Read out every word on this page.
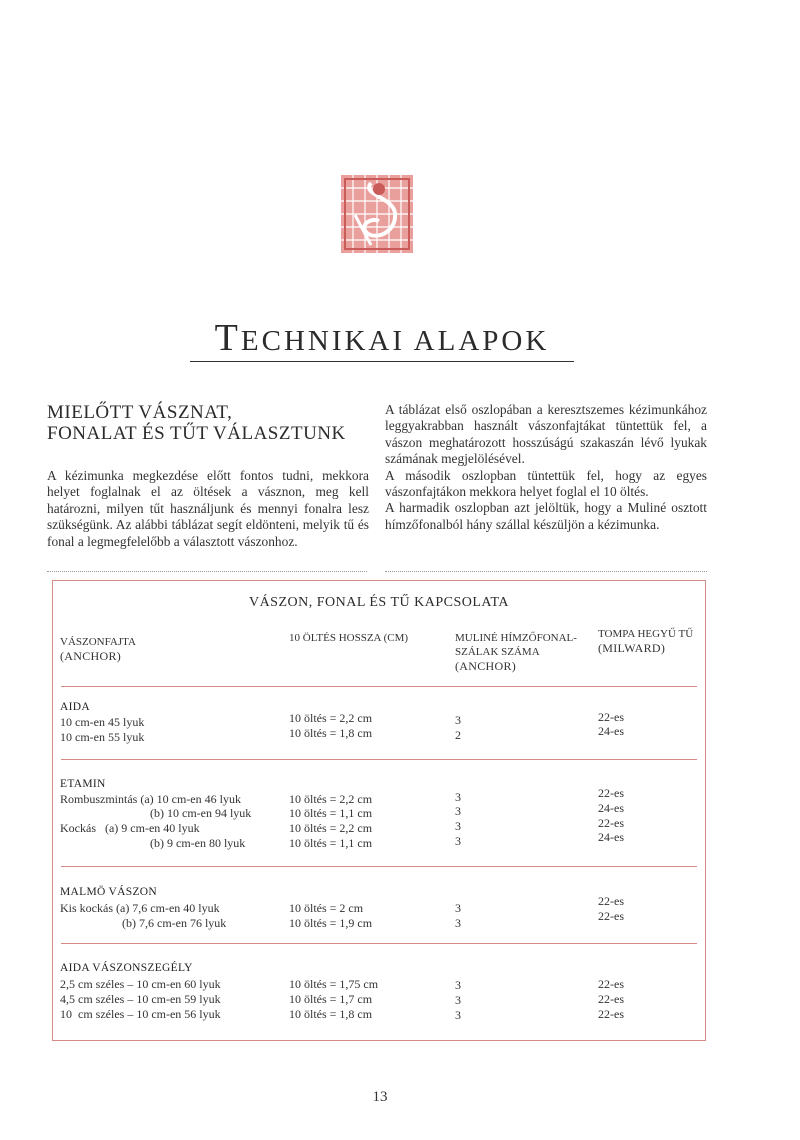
TECHNIKAI ALAPOK
MIELŐTT VÁSZNAT,
FONALAT ÉS TŰT VÁLASZTUNK
A kézimunka megkezdése előtt fontos tudni, mekkora helyet foglalnak el az öltések a vásznon, meg kell határozni, milyen tűt használjunk és mennyi fonalra lesz szükségünk. Az alábbi táblázat segít eldönteni, melyik tű és fonal a legmegfelelőbb a választott vászonhoz.

A táblázat első oszlopában a keresztszemes kézimunkához leggyakrabban használt vászonfajtákat tüntettük fel, a vászon meghatározott hosszúságú szakaszán lévő lyukak számának megjelölésével.

A második oszlopban tüntettük fel, hogy az egyes vászonfajtákon mekkora helyet foglal el 10 öltés.

A harmadik oszlopban azt jelöltük, hogy a Muliné osztott hímzőfonalból hány szállal készüljön a kézimunka.

VÁSZON, FONAL ÉS TŰ KAPCSOLATA
VÁSZONFAJTA
(ANCHOR)
10 ÖLTÉS HOSSZA (CM)	MULINÉ HÍMZŐFONAL-
SZÁLAK SZÁMA
(ANCHOR)
TOMPA HEGYŰ TŰ
(MILWARD)
AIDA
10 cm-en 45 lyuk	10 öltés = 2,2 cm	3	22-es
10 cm-en 55 lyuk	10 öltés = 1,8 cm	2	24-es
ETAMIN
Rombuszmintás (a) 10 cm-en 46 lyuk	10 öltés = 2,2 cm	3	22-es
(b) 10 cm-en 94 lyuk	10 öltés = 1,1 cm	3	24-es
Kockás   (a) 9 cm-en 40 lyuk	10 öltés = 2,2 cm	3	22-es
(b) 9 cm-en 80 lyuk	10 öltés = 1,1 cm	3	24-es
MALMÖ VÁSZON
Kis kockás (a) 7,6 cm-en 40 lyuk	10 öltés = 2 cm	3	22-es
(b) 7,6 cm-en 76 lyuk	10 öltés = 1,9 cm	3	22-es
AIDA VÁSZONSZEGÉLY
2,5 cm széles – 10 cm-en 60 lyuk	10 öltés = 1,75 cm	3	22-es
4,5 cm széles – 10 cm-en 59 lyuk	10 öltés = 1,7 cm	3	22-es
10  cm széles – 10 cm-en 56 lyuk	10 öltés = 1,8 cm	3	22-es
13
